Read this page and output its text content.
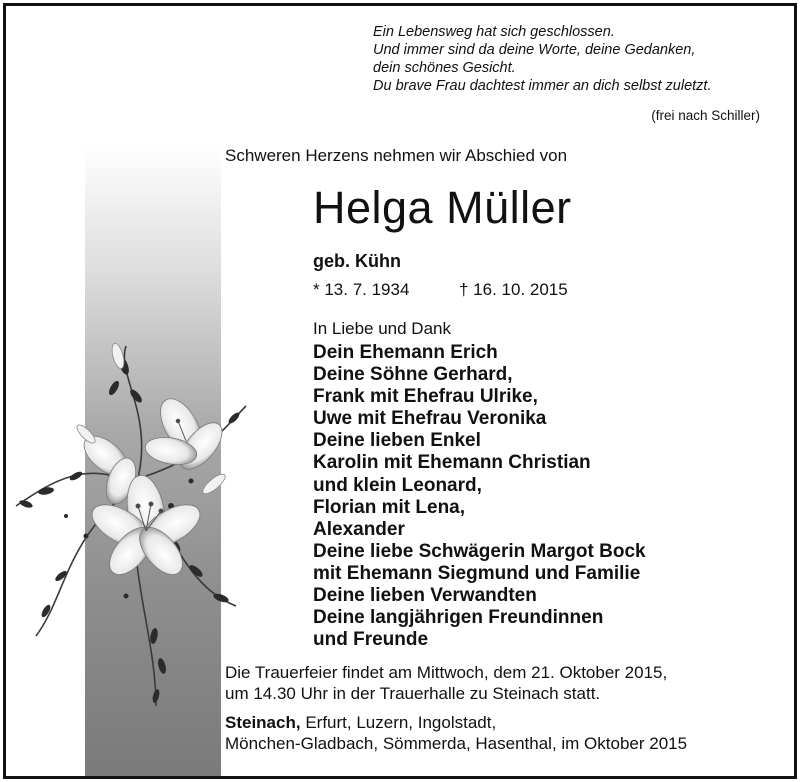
Ein Lebensweg hat sich geschlossen.
Und immer sind da deine Worte, deine Gedanken,
dein schönes Gesicht.
Du brave Frau dachtest immer an dich selbst zuletzt.
(frei nach Schiller)
Schweren Herzens nehmen wir Abschied von
Helga Müller
geb. Kühn
* 13. 7. 1934	† 16. 10. 2015
In Liebe und Dank
Dein Ehemann Erich
Deine Söhne Gerhard,
Frank mit Ehefrau Ulrike,
Uwe mit Ehefrau Veronika
Deine lieben Enkel
Karolin mit Ehemann Christian
und klein Leonard,
Florian mit Lena,
Alexander
Deine liebe Schwägerin Margot Bock
mit Ehemann Siegmund und Familie
Deine lieben Verwandten
Deine langjährigen Freundinnen
und Freunde
Die Trauerfeier findet am Mittwoch, dem 21. Oktober 2015,
um 14.30 Uhr in der Trauerhalle zu Steinach statt.
Steinach, Erfurt, Luzern, Ingolstadt,
Mönchen-Gladbach, Sömmerda, Hasenthal, im Oktober 2015
